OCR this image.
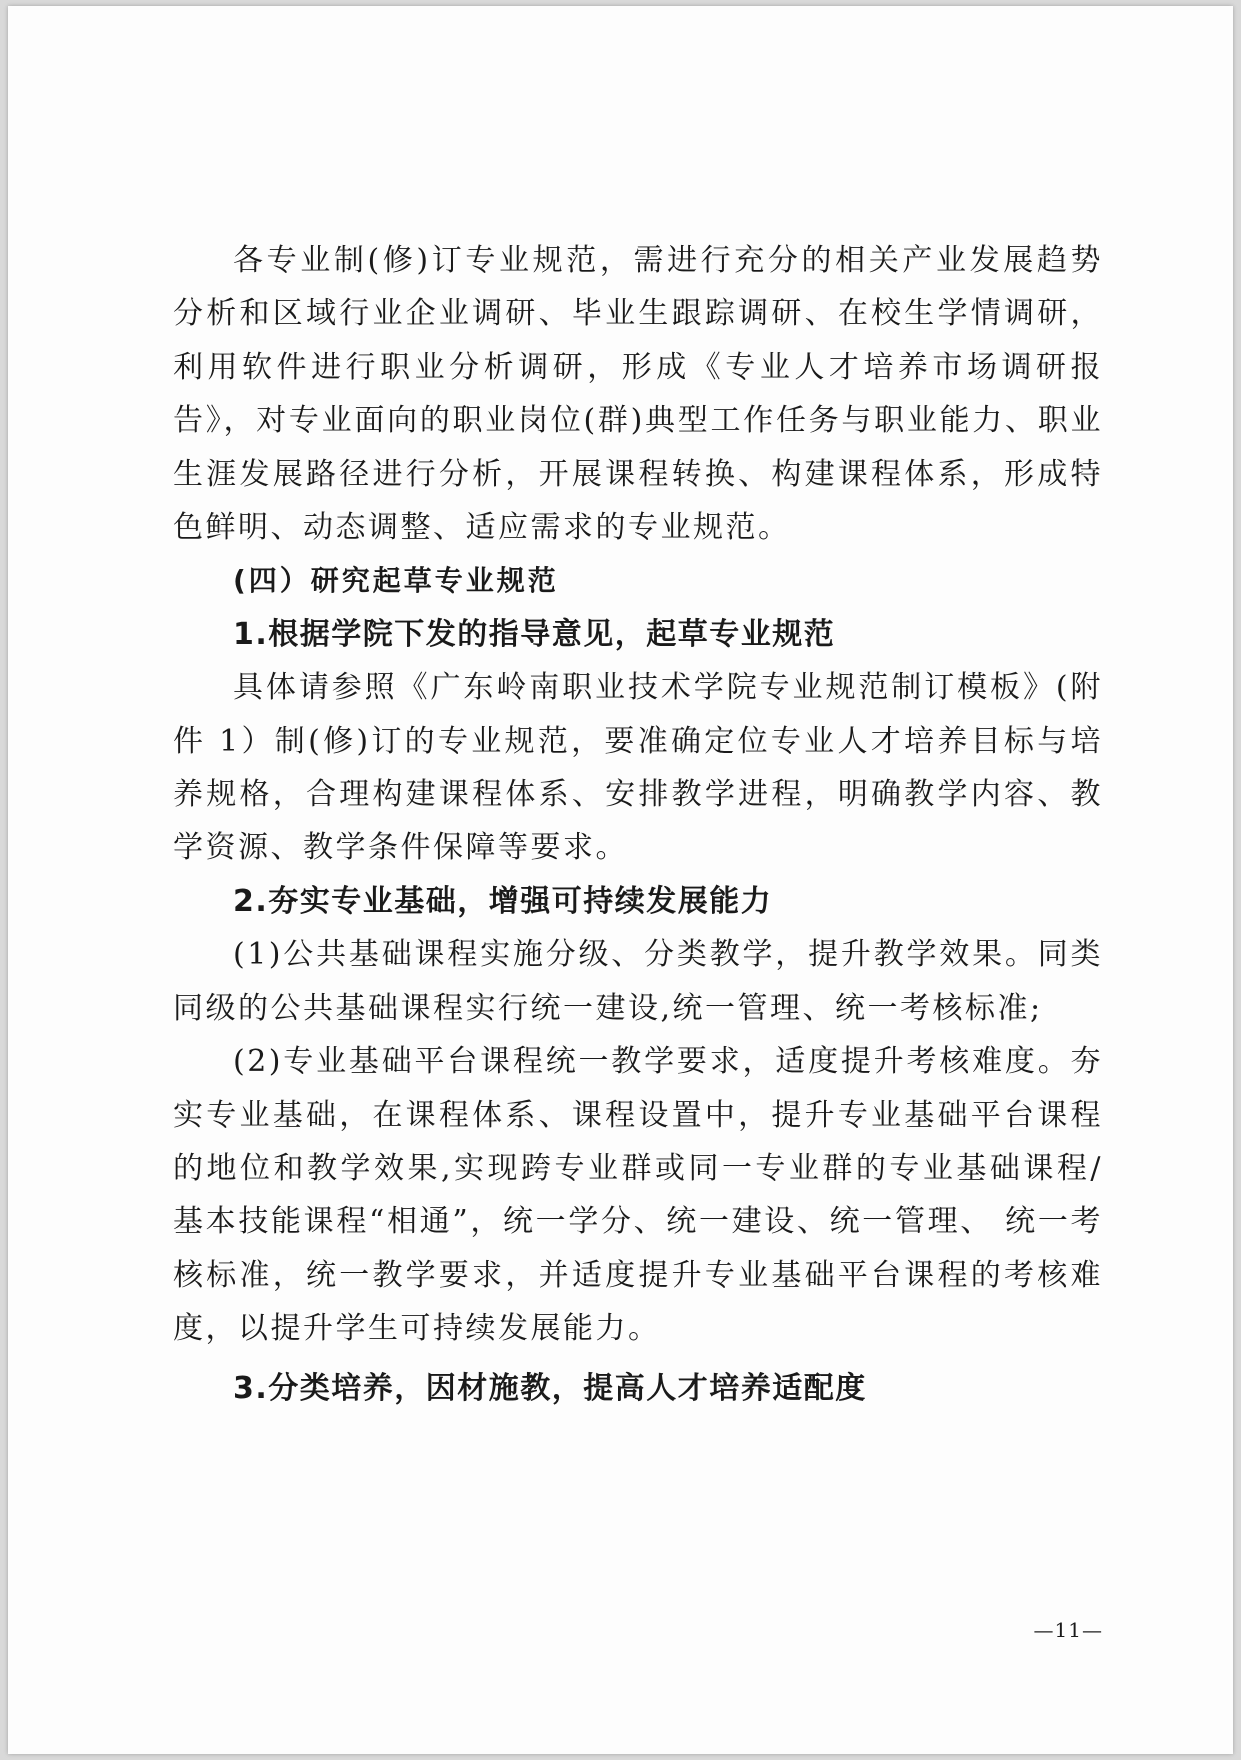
各专业制(修)订专业规范，需进行充分的相关产业发展趋势分析和区域行业企业调研、毕业生跟踪调研、在校生学情调研，利用软件进行职业分析调研，形成《专业人才培养市场调研报告》，对专业面向的职业岗位(群)典型工作任务与职业能力、职业生涯发展路径进行分析，开展课程转换、构建课程体系，形成特色鲜明、动态调整、适应需求的专业规范。

(四）研究起草专业规范

1.根据学院下发的指导意见，起草专业规范

具体请参照《广东岭南职业技术学院专业规范制订模板》(附件 1）制(修)订的专业规范，要准确定位专业人才培养目标与培养规格，合理构建课程体系、安排教学进程，明确教学内容、教学资源、教学条件保障等要求。

2.夯实专业基础，增强可持续发展能力

(1)公共基础课程实施分级、分类教学，提升教学效果。同类同级的公共基础课程实行统一建设,统一管理、统一考核标准;

(2)专业基础平台课程统一教学要求，适度提升考核难度。夯实专业基础，在课程体系、课程设置中，提升专业基础平台课程的地位和教学效果,实现跨专业群或同一专业群的专业基础课程/基本技能课程“相通”，统一学分、统一建设、统一管理、 统一考核标准，统一教学要求，并适度提升专业基础平台课程的考核难度，以提升学生可持续发展能力。

3.分类培养，因材施教，提高人才培养适配度

—11—
